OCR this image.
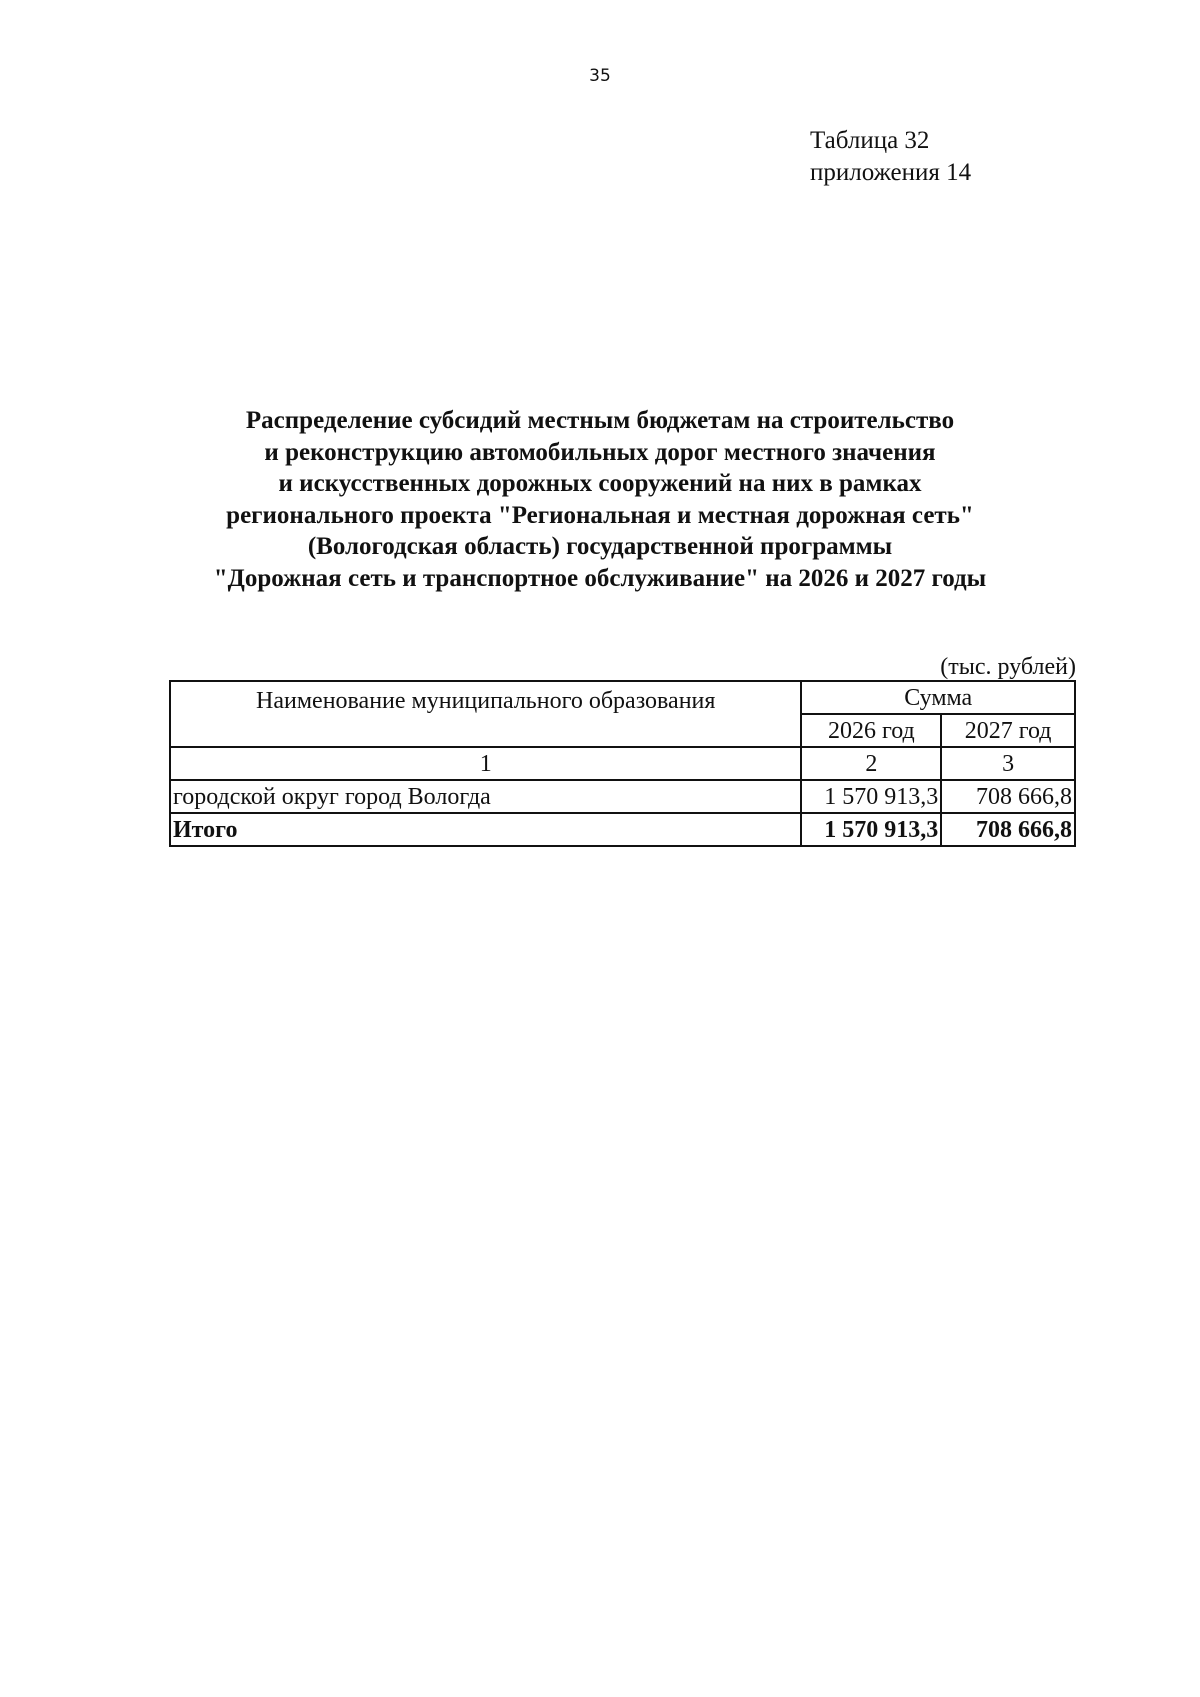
35
Таблица 32
приложения 14
Распределение субсидий местным бюджетам на строительство
и реконструкцию автомобильных дорог местного значения
и искусственных дорожных сооружений на них в рамках
регионального проекта "Региональная и местная дорожная сеть"
(Вологодская область) государственной программы
"Дорожная сеть и транспортное обслуживание" на 2026 и 2027 годы
(тыс. рублей)
Наименование муниципального образования	Сумма	
	2026 год	2027 год
1	2	3
городской округ город Вологда	1 570 913,3	708 666,8
Итого	1 570 913,3	708 666,8
